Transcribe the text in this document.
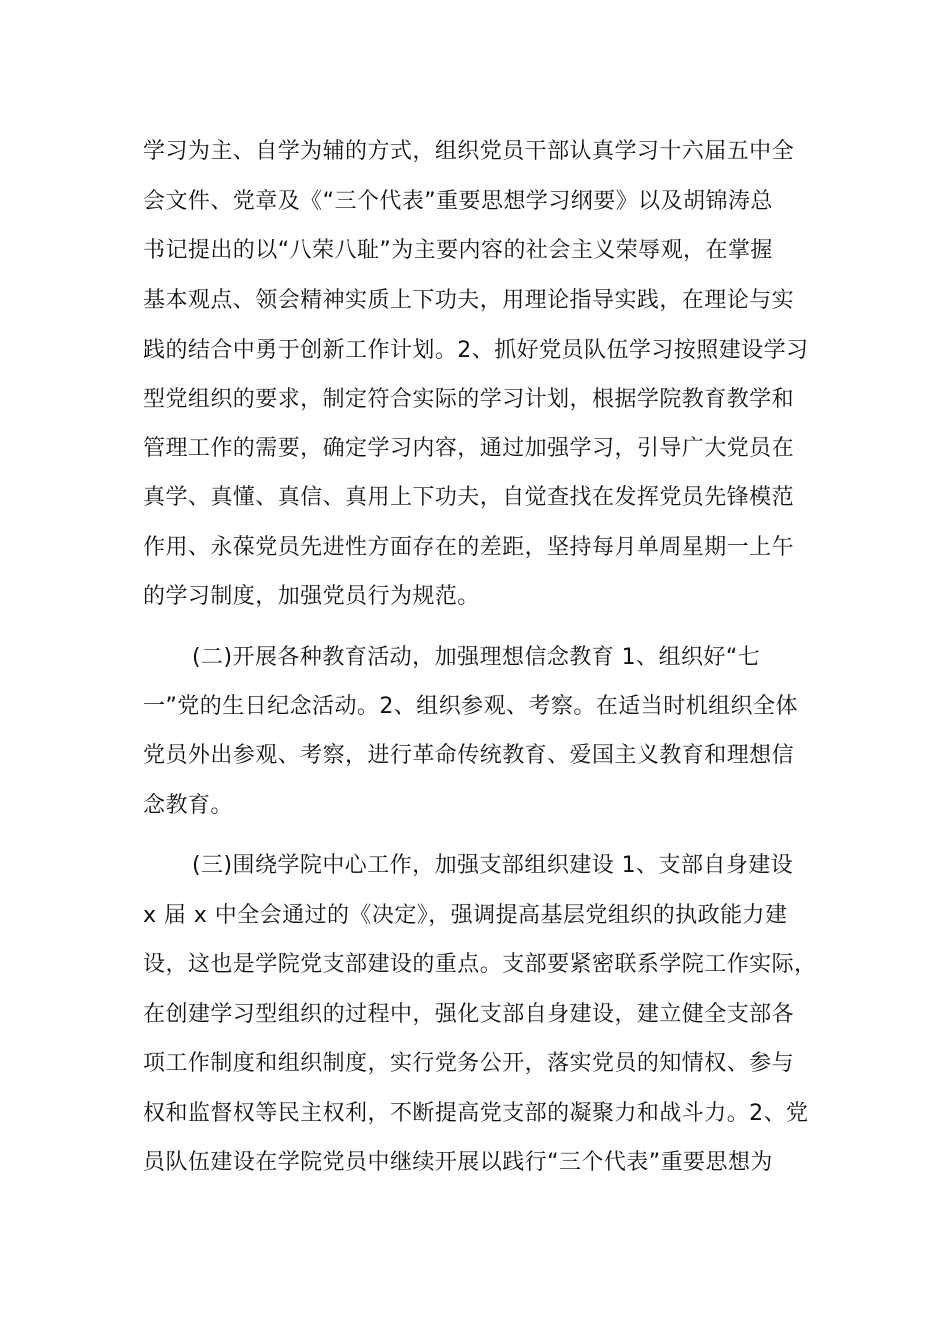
学习为主、自学为辅的方式，组织党员干部认真学习十六届五中全
会文件、党章及《“三个代表”重要思想学习纲要》以及胡锦涛总
书记提出的以“八荣八耻”为主要内容的社会主义荣辱观，在掌握
基本观点、领会精神实质上下功夫，用理论指导实践，在理论与实
践的结合中勇于创新工作计划。2、抓好党员队伍学习按照建设学习
型党组织的要求，制定符合实际的学习计划，根据学院教育教学和
管理工作的需要，确定学习内容，通过加强学习，引导广大党员在
真学、真懂、真信、真用上下功夫，自觉查找在发挥党员先锋模范
作用、永葆党员先进性方面存在的差距，坚持每月单周星期一上午
的学习制度，加强党员行为规范。
(二)开展各种教育活动，加强理想信念教育 1、组织好“七
一”党的生日纪念活动。2、组织参观、考察。在适当时机组织全体
党员外出参观、考察，进行革命传统教育、爱国主义教育和理想信
念教育。
(三)围绕学院中心工作，加强支部组织建设 1、支部自身建设
x 届 x 中全会通过的《决定》，强调提高基层党组织的执政能力建
设，这也是学院党支部建设的重点。支部要紧密联系学院工作实际，
在创建学习型组织的过程中，强化支部自身建设，建立健全支部各
项工作制度和组织制度，实行党务公开，落实党员的知情权、参与
权和监督权等民主权利，不断提高党支部的凝聚力和战斗力。2、党
员队伍建设在学院党员中继续开展以践行“三个代表”重要思想为
